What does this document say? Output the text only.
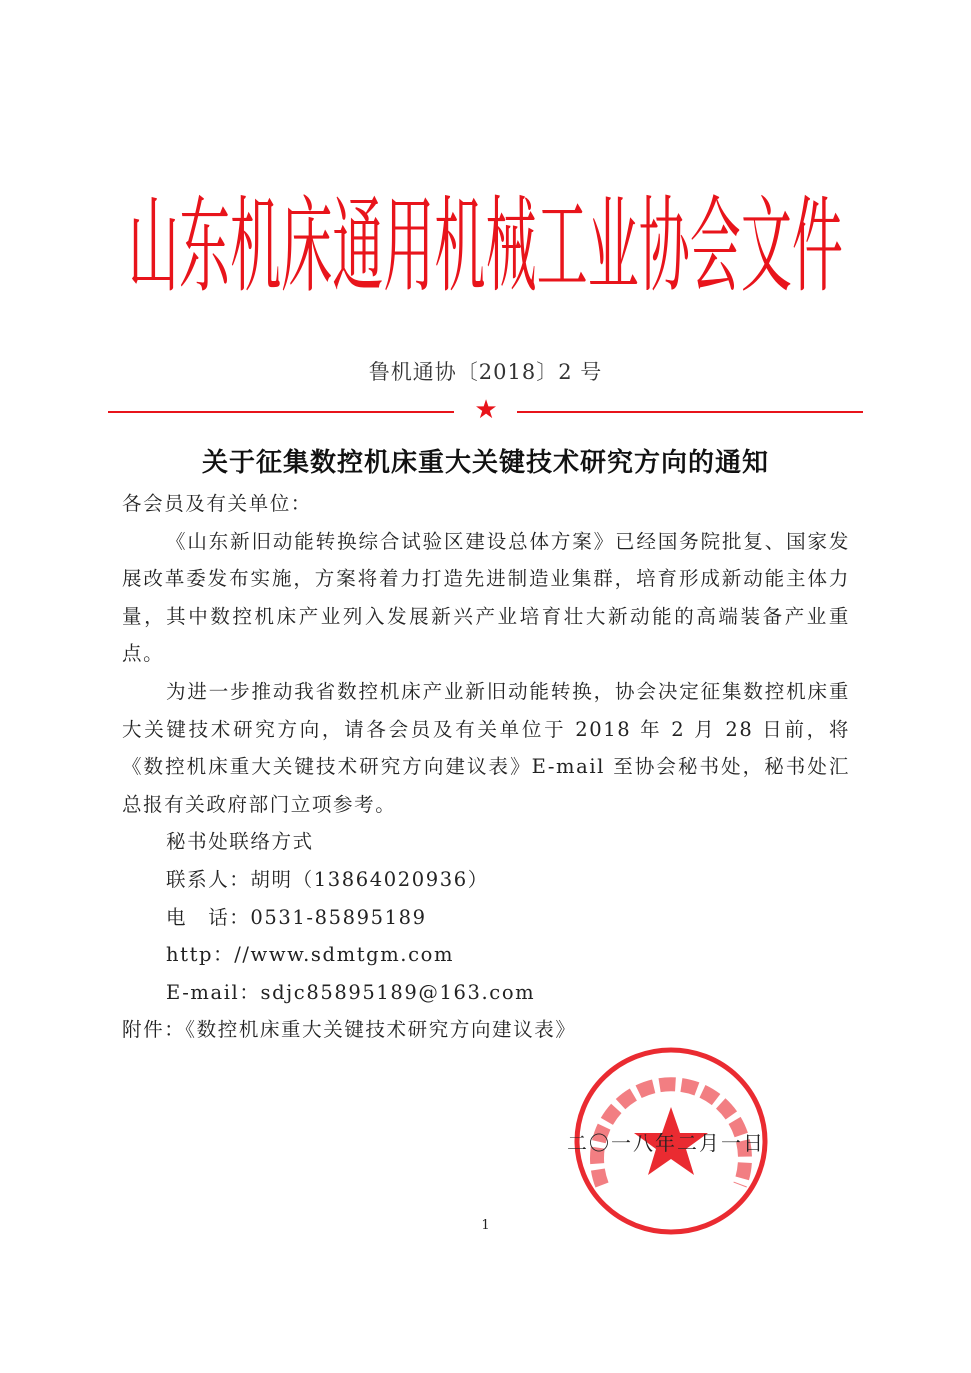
山东机床通用机械工业协会文件
鲁机通协〔2018〕2 号
★
关于征集数控机床重大关键技术研究方向的通知

各会员及有关单位：

《山东新旧动能转换综合试验区建设总体方案》已经国务院批复、国家发展改革委发布实施，方案将着力打造先进制造业集群，培育形成新动能主体力量，其中数控机床产业列入发展新兴产业培育壮大新动能的高端装备产业重点。

为进一步推动我省数控机床产业新旧动能转换，协会决定征集数控机床重大关键技术研究方向，请各会员及有关单位于 2018 年 2 月 28 日前，将《数控机床重大关键技术研究方向建议表》E-mail 至协会秘书处，秘书处汇总报有关政府部门立项参考。

秘书处联络方式

联系人：胡明（13864020936）

电　话：0531-85895189

http：//www.sdmtgm.com

E-mail：sdjc85895189@163.com

附件：《数控机床重大关键技术研究方向建议表》

二〇一八年二月一日
1
